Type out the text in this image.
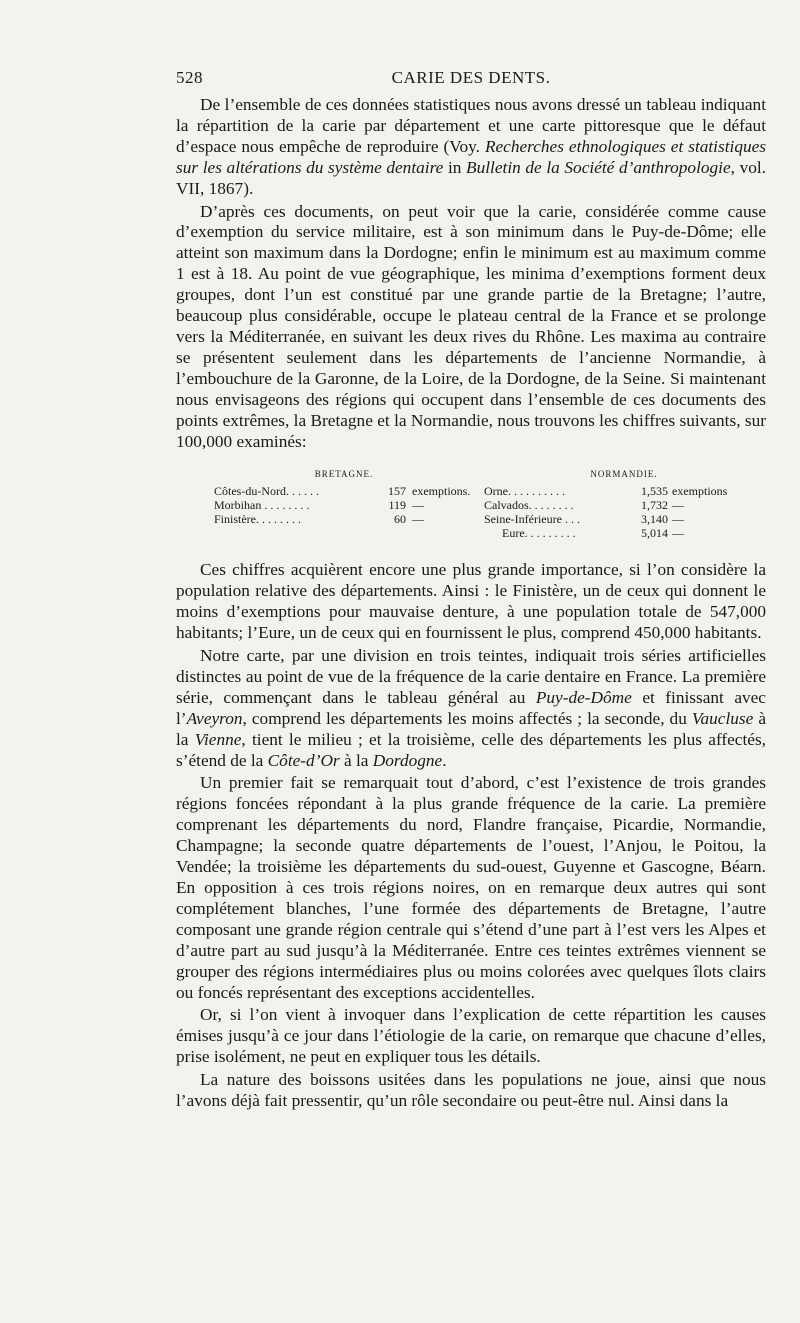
528	CARIE DES DENTS.

De l’ensemble de ces données statistiques nous avons dressé un tableau indiquant la répartition de la carie par département et une carte pittoresque que le défaut d’espace nous empêche de reproduire (Voy. Recherches ethnologiques et statistiques sur les altérations du système dentaire in Bulletin de la Société d’anthropologie, vol. VII, 1867).

D’après ces documents, on peut voir que la carie, considérée comme cause d’exemption du service militaire, est à son minimum dans le Puy-de-Dôme; elle atteint son maximum dans la Dordogne; enfin le minimum est au maximum comme 1 est à 18. Au point de vue géographique, les minima d’exemptions forment deux groupes, dont l’un est constitué par une grande partie de la Bretagne; l’autre, beaucoup plus considérable, occupe le plateau central de la France et se prolonge vers la Méditerranée, en suivant les deux rives du Rhône. Les maxima au contraire se présentent seulement dans les départements de l’ancienne Normandie, à l’embouchure de la Garonne, de la Loire, de la Dordogne, de la Seine. Si maintenant nous envisageons des régions qui occupent dans l’ensemble de ces documents des points extrêmes, la Bretagne et la Normandie, nous trouvons les chiffres suivants, sur 100,000 examinés:

BRETAGNE.
Côtes-du-Nord. . . . . .	157 exemptions.
Morbihan . . . . . . . .	119 —
Finistère. . . . . . . .	60 —
NORMANDIE.
Orne. . . . . . . . . .	1,535 exemptions
Calvados. . . . . . . .	1,732 —
Seine-Inférieure . . .	3,140 —
Eure. . . . . . . . .	5,014 —

Ces chiffres acquièrent encore une plus grande importance, si l’on considère la population relative des départements. Ainsi : le Finistère, un de ceux qui donnent le moins d’exemptions pour mauvaise denture, à une population totale de 547,000 habitants; l’Eure, un de ceux qui en fournissent le plus, comprend 450,000 habitants.

Notre carte, par une division en trois teintes, indiquait trois séries artificielles distinctes au point de vue de la fréquence de la carie dentaire en France. La première série, commençant dans le tableau général au Puy-de-Dôme et finissant avec l’Aveyron, comprend les départements les moins affectés ; la seconde, du Vaucluse à la Vienne, tient le milieu ; et la troisième, celle des départements les plus affectés, s’étend de la Côte-d’Or à la Dordogne.

Un premier fait se remarquait tout d’abord, c’est l’existence de trois grandes régions foncées répondant à la plus grande fréquence de la carie. La première comprenant les départements du nord, Flandre française, Picardie, Normandie, Champagne; la seconde quatre départements de l’ouest, l’Anjou, le Poitou, la Vendée; la troisième les départements du sud-ouest, Guyenne et Gascogne, Béarn. En opposition à ces trois régions noires, on en remarque deux autres qui sont complétement blanches, l’une formée des départements de Bretagne, l’autre composant une grande région centrale qui s’étend d’une part à l’est vers les Alpes et d’autre part au sud jusqu’à la Méditerranée. Entre ces teintes extrêmes viennent se grouper des régions intermédiaires plus ou moins colorées avec quelques îlots clairs ou foncés représentant des exceptions accidentelles.

Or, si l’on vient à invoquer dans l’explication de cette répartition les causes émises jusqu’à ce jour dans l’étiologie de la carie, on remarque que chacune d’elles, prise isolément, ne peut en expliquer tous les détails.

La nature des boissons usitées dans les populations ne joue, ainsi que nous l’avons déjà fait pressentir, qu’un rôle secondaire ou peut-être nul. Ainsi dans la
